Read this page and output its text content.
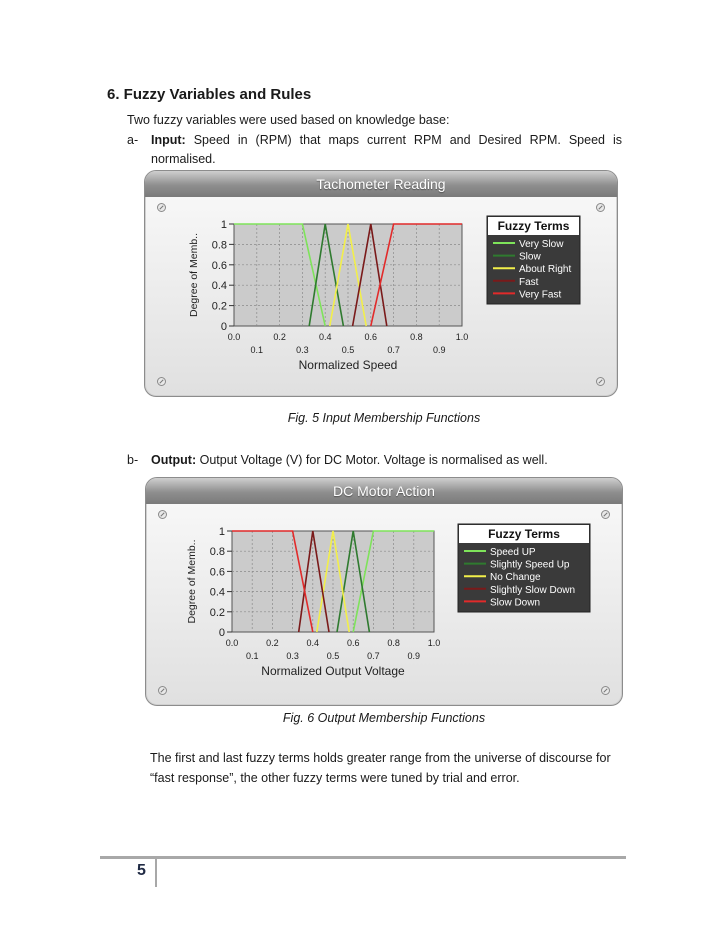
6. Fuzzy Variables and Rules
Two fuzzy variables were used based on knowledge base:
a- Input: Speed in (RPM) that maps current RPM and Desired RPM. Speed is normalised.
Tachometer Reading
0
0.2
0.4
0.6
0.8
1
0.0	0.2	0.4	0.6	0.8	1.0
0.1	0.3	0.5	0.7	0.9
Normalized Speed
Degree of Memb..
Fuzzy Terms
Very Slow
Slow
About Right
Fast
Very Fast
Fig. 5 Input Membership Functions
b- Output: Output Voltage (V) for DC Motor. Voltage is normalised as well.
DC Motor Action
0
0.2
0.4
0.6
0.8
1
0.0	0.2	0.4	0.6	0.8	1.0
0.1	0.3	0.5	0.7	0.9
Normalized Output Voltage
Degree of Memb..
Fuzzy Terms
Speed UP
Slightly Speed Up
No Change
Slightly Slow Down
Slow Down
Fig. 6 Output Membership Functions
The first and last fuzzy terms holds greater range from the universe of discourse for “fast response”, the other fuzzy terms were tuned by trial and error.
5
